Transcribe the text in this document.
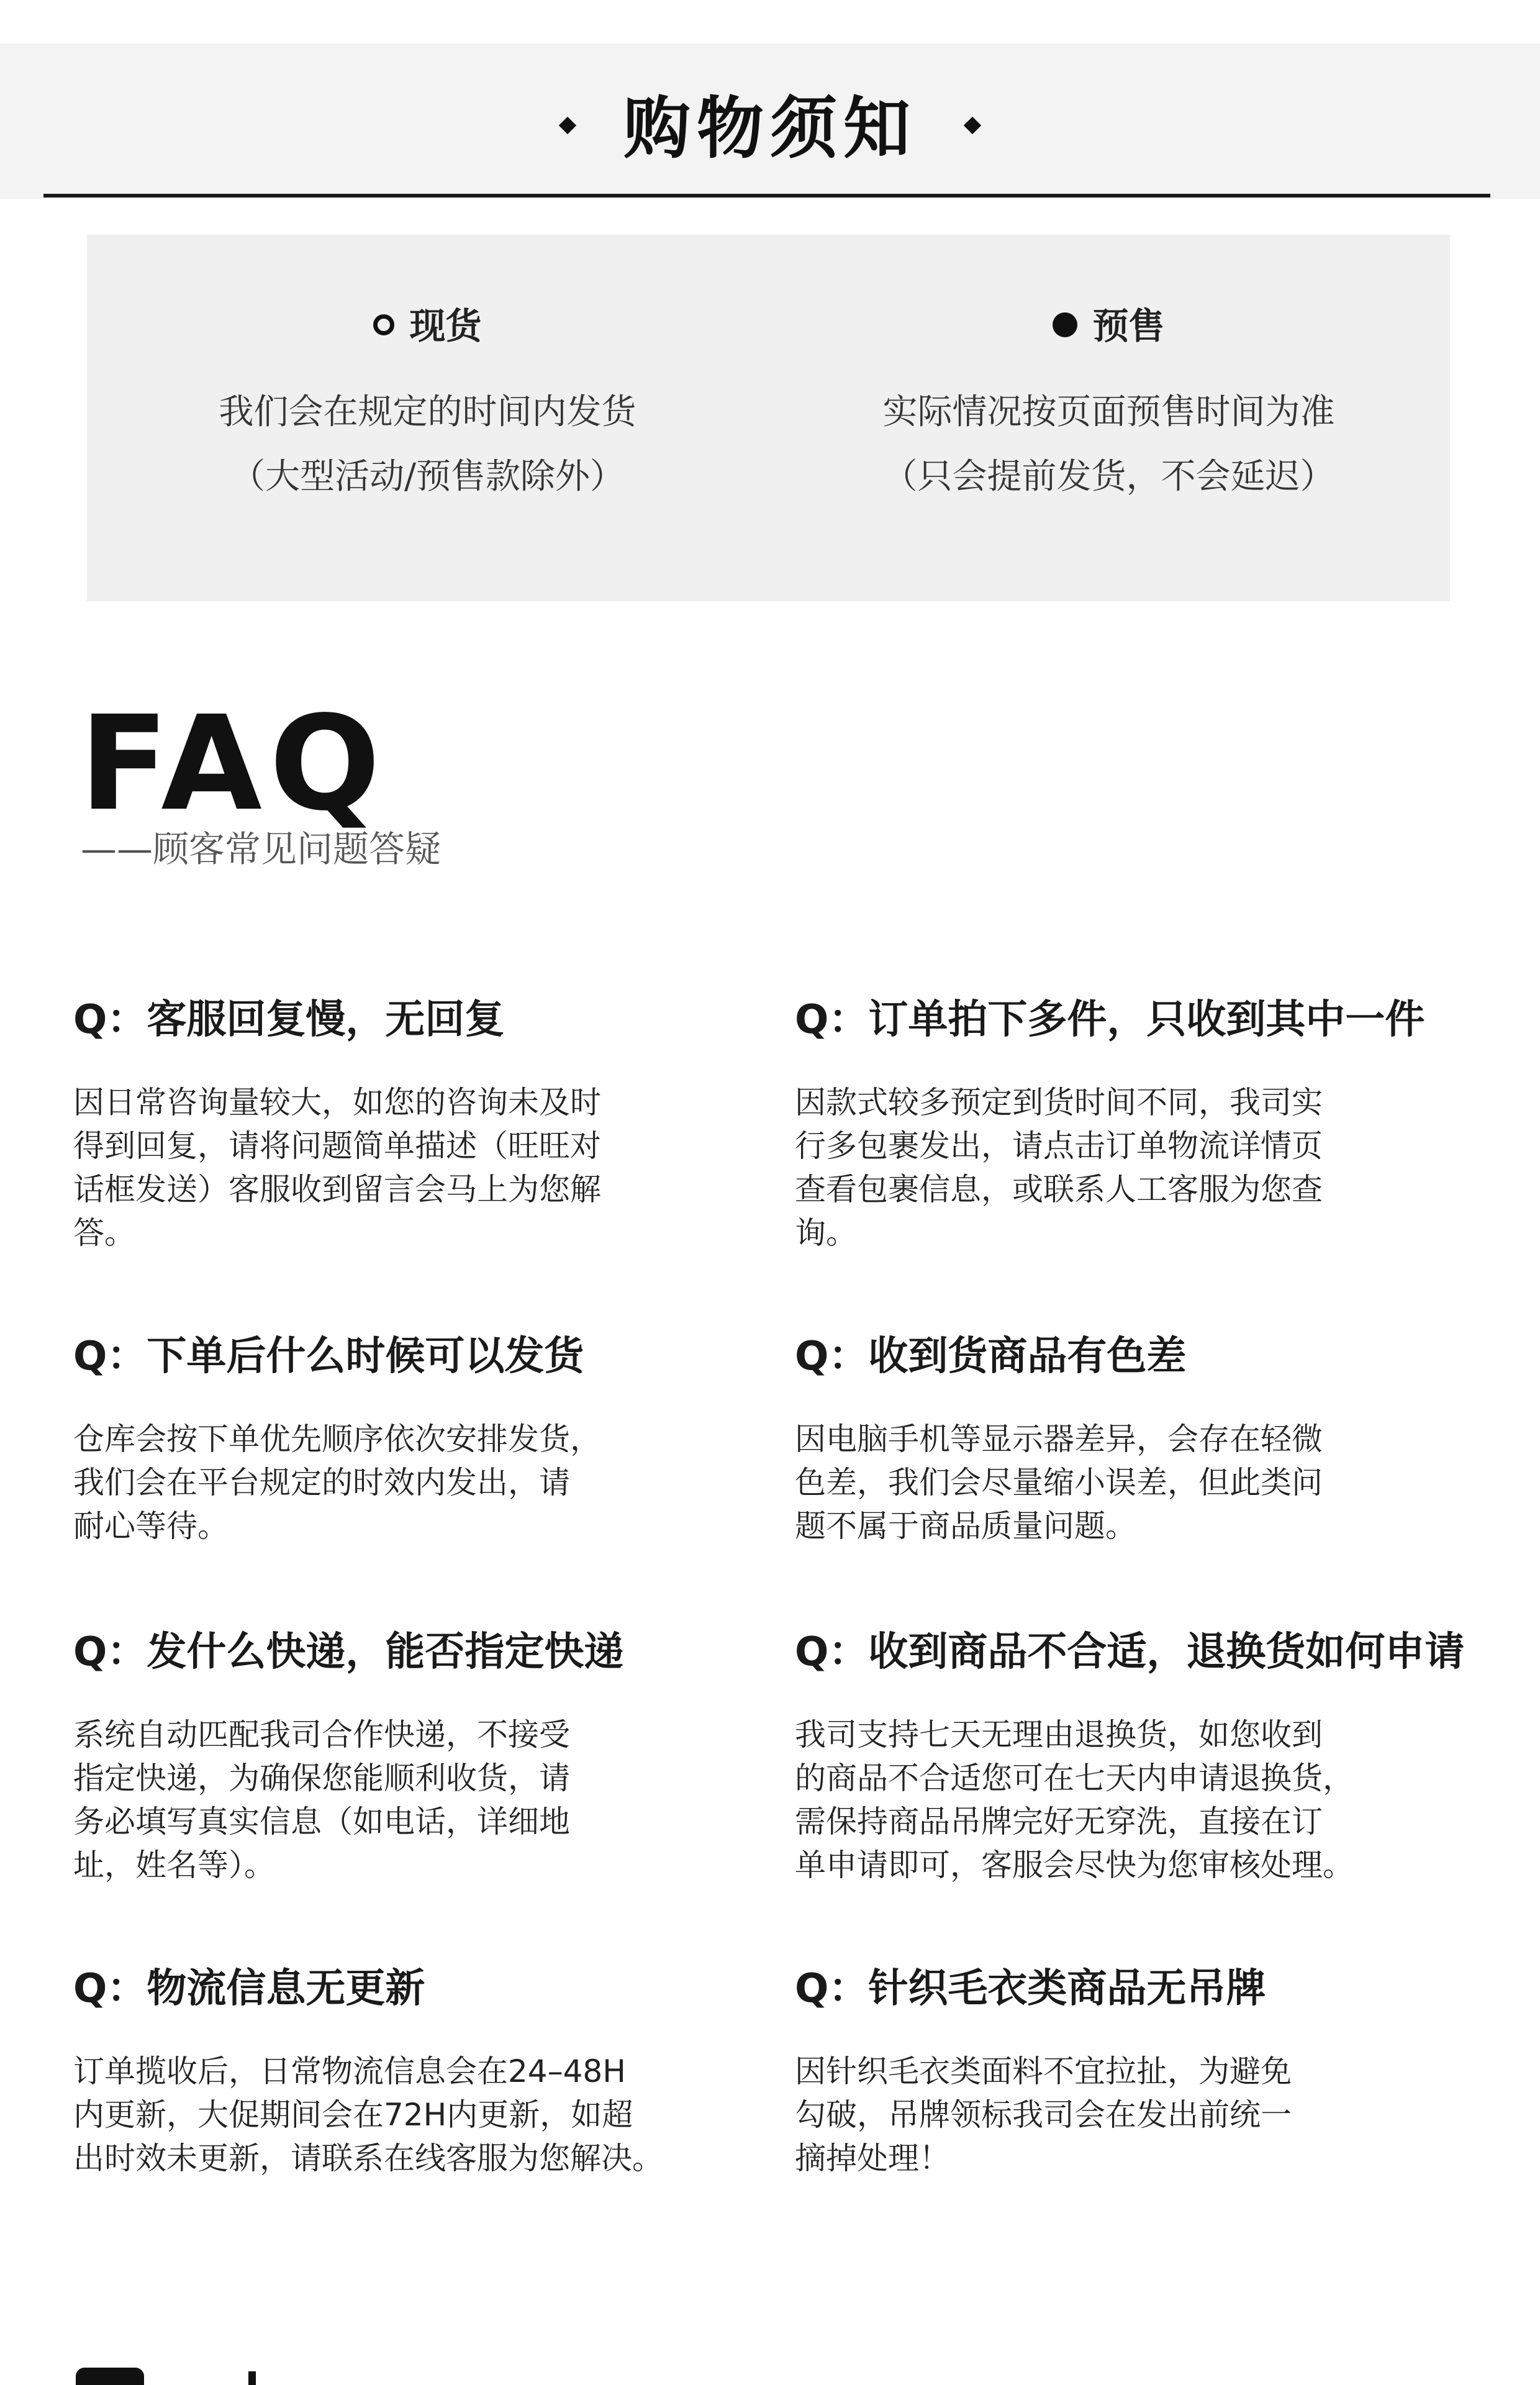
购物须知
现货
我们会在规定的时间内发货
（大型活动/预售款除外）
预售
实际情况按页面预售时间为准
（只会提前发货，不会延迟）
FAQ
——顾客常见问题答疑
Q：客服回复慢，无回复
因日常咨询量较大，如您的咨询未及时
得到回复，请将问题简单描述（旺旺对
话框发送）客服收到留言会马上为您解
答。
Q：订单拍下多件，只收到其中一件
因款式较多预定到货时间不同，我司实
行多包裹发出，请点击订单物流详情页
查看包裹信息，或联系人工客服为您查
询。
Q：下单后什么时候可以发货
仓库会按下单优先顺序依次安排发货，
我们会在平台规定的时效内发出，请
耐心等待。
Q：收到货商品有色差
因电脑手机等显示器差异，会存在轻微
色差，我们会尽量缩小误差，但此类问
题不属于商品质量问题。
Q：发什么快递，能否指定快递
系统自动匹配我司合作快递，不接受
指定快递，为确保您能顺利收货，请
务必填写真实信息（如电话，详细地
址，姓名等）。
Q：收到商品不合适，退换货如何申请
我司支持七天无理由退换货，如您收到
的商品不合适您可在七天内申请退换货，
需保持商品吊牌完好无穿洗，直接在订
单申请即可，客服会尽快为您审核处理。
Q：物流信息无更新
订单揽收后，日常物流信息会在24–48H
内更新，大促期间会在72H内更新，如超
出时效未更新，请联系在线客服为您解决。
Q：针织毛衣类商品无吊牌
因针织毛衣类面料不宜拉扯，为避免
勾破，吊牌领标我司会在发出前统一
摘掉处理！
